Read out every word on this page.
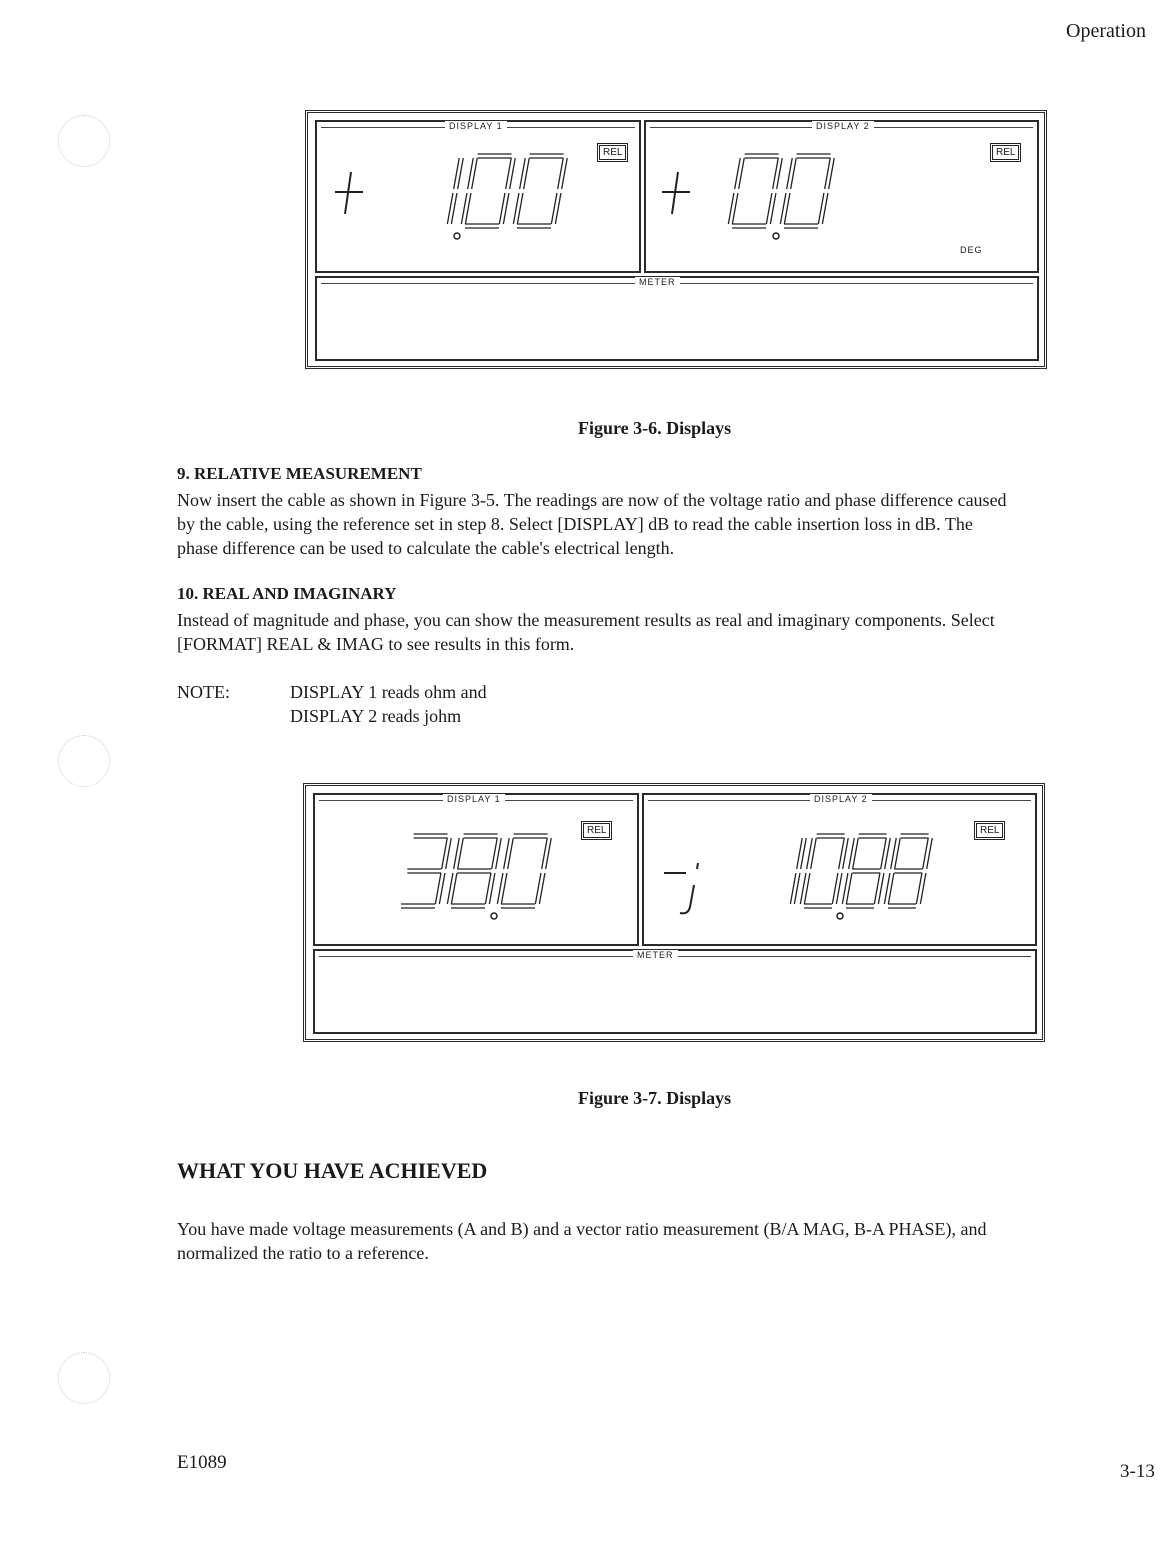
Operation
DISPLAY 1
REL
DISPLAY 2
REL
DEG
METER
Figure 3-6. Displays
9. RELATIVE MEASUREMENT
Now insert the cable as shown in Figure 3-5. The readings are now of the voltage ratio and phase difference caused
by the cable, using the reference set in step 8. Select [DISPLAY] dB to read the cable insertion loss in dB. The
phase difference can be used to calculate the cable's electrical length.
10. REAL AND IMAGINARY
Instead of magnitude and phase, you can show the measurement results as real and imaginary components. Select
[FORMAT] REAL & IMAG to see results in this form.
NOTE:	DISPLAY 1 reads ohm and
DISPLAY 2 reads johm
DISPLAY 1
REL
DISPLAY 2
REL
METER
Figure 3-7. Displays
WHAT YOU HAVE ACHIEVED
You have made voltage measurements (A and B) and a vector ratio measurement (B/A MAG, B-A PHASE), and
normalized the ratio to a reference.
E1089	3-13
